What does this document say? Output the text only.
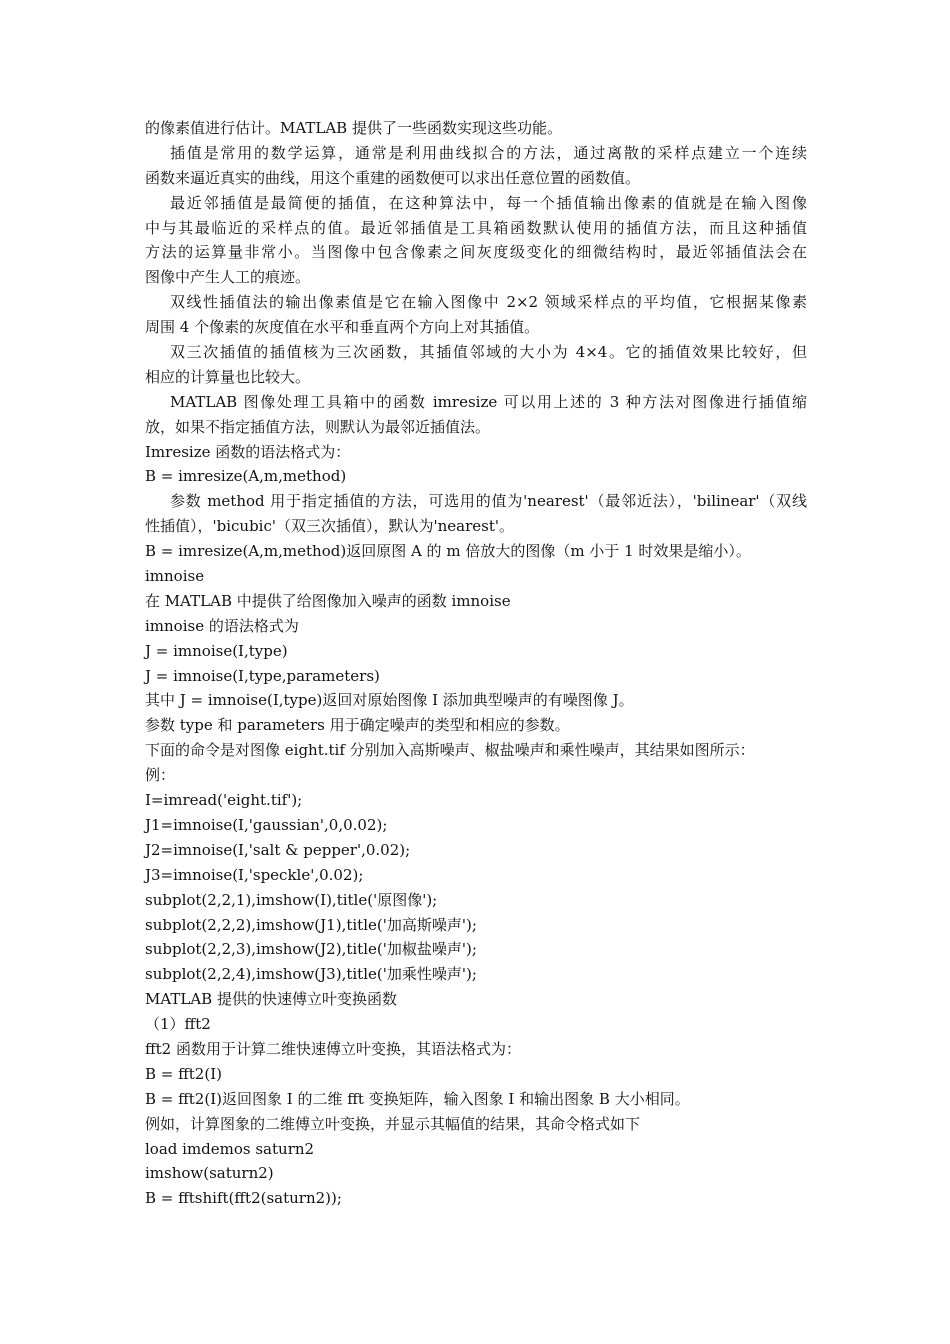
的像素值进行估计。MATLAB 提供了一些函数实现这些功能。
插值是常用的数学运算，通常是利用曲线拟合的方法，通过离散的采样点建立一个连续
函数来逼近真实的曲线，用这个重建的函数便可以求出任意位置的函数值。
最近邻插值是最简便的插值，在这种算法中，每一个插值输出像素的值就是在输入图像
中与其最临近的采样点的值。最近邻插值是工具箱函数默认使用的插值方法，而且这种插值
方法的运算量非常小。当图像中包含像素之间灰度级变化的细微结构时，最近邻插值法会在
图像中产生人工的痕迹。
双线性插值法的输出像素值是它在输入图像中 2×2 领域采样点的平均值，它根据某像素
周围 4 个像素的灰度值在水平和垂直两个方向上对其插值。
双三次插值的插值核为三次函数，其插值邻域的大小为 4×4。它的插值效果比较好，但
相应的计算量也比较大。
MATLAB 图像处理工具箱中的函数 imresize 可以用上述的 3 种方法对图像进行插值缩
放，如果不指定插值方法，则默认为最邻近插值法。
Imresize 函数的语法格式为：
B = imresize(A,m,method)
参数 method 用于指定插值的方法，可选用的值为'nearest'（最邻近法），'bilinear'（双线
性插值），'bicubic'（双三次插值），默认为'nearest'。
B = imresize(A,m,method)返回原图 A 的 m 倍放大的图像（m 小于 1 时效果是缩小）。
imnoise
在 MATLAB 中提供了给图像加入噪声的函数 imnoise
imnoise 的语法格式为
J = imnoise(I,type)
J = imnoise(I,type,parameters)
其中 J = imnoise(I,type)返回对原始图像 I 添加典型噪声的有噪图像 J。
参数 type 和 parameters 用于确定噪声的类型和相应的参数。
下面的命令是对图像 eight.tif 分别加入高斯噪声、椒盐噪声和乘性噪声，其结果如图所示：
例：
I=imread('eight.tif');
J1=imnoise(I,'gaussian',0,0.02);
J2=imnoise(I,'salt & pepper',0.02);
J3=imnoise(I,'speckle',0.02);
subplot(2,2,1),imshow(I),title('原图像');
subplot(2,2,2),imshow(J1),title('加高斯噪声');
subplot(2,2,3),imshow(J2),title('加椒盐噪声');
subplot(2,2,4),imshow(J3),title('加乘性噪声');
MATLAB 提供的快速傅立叶变换函数
（1）fft2
fft2 函数用于计算二维快速傅立叶变换，其语法格式为：
B = fft2(I)
B = fft2(I)返回图象 I 的二维 fft 变换矩阵，输入图象 I 和输出图象 B 大小相同。
例如，计算图象的二维傅立叶变换，并显示其幅值的结果，其命令格式如下
load imdemos saturn2
imshow(saturn2)
B = fftshift(fft2(saturn2));
